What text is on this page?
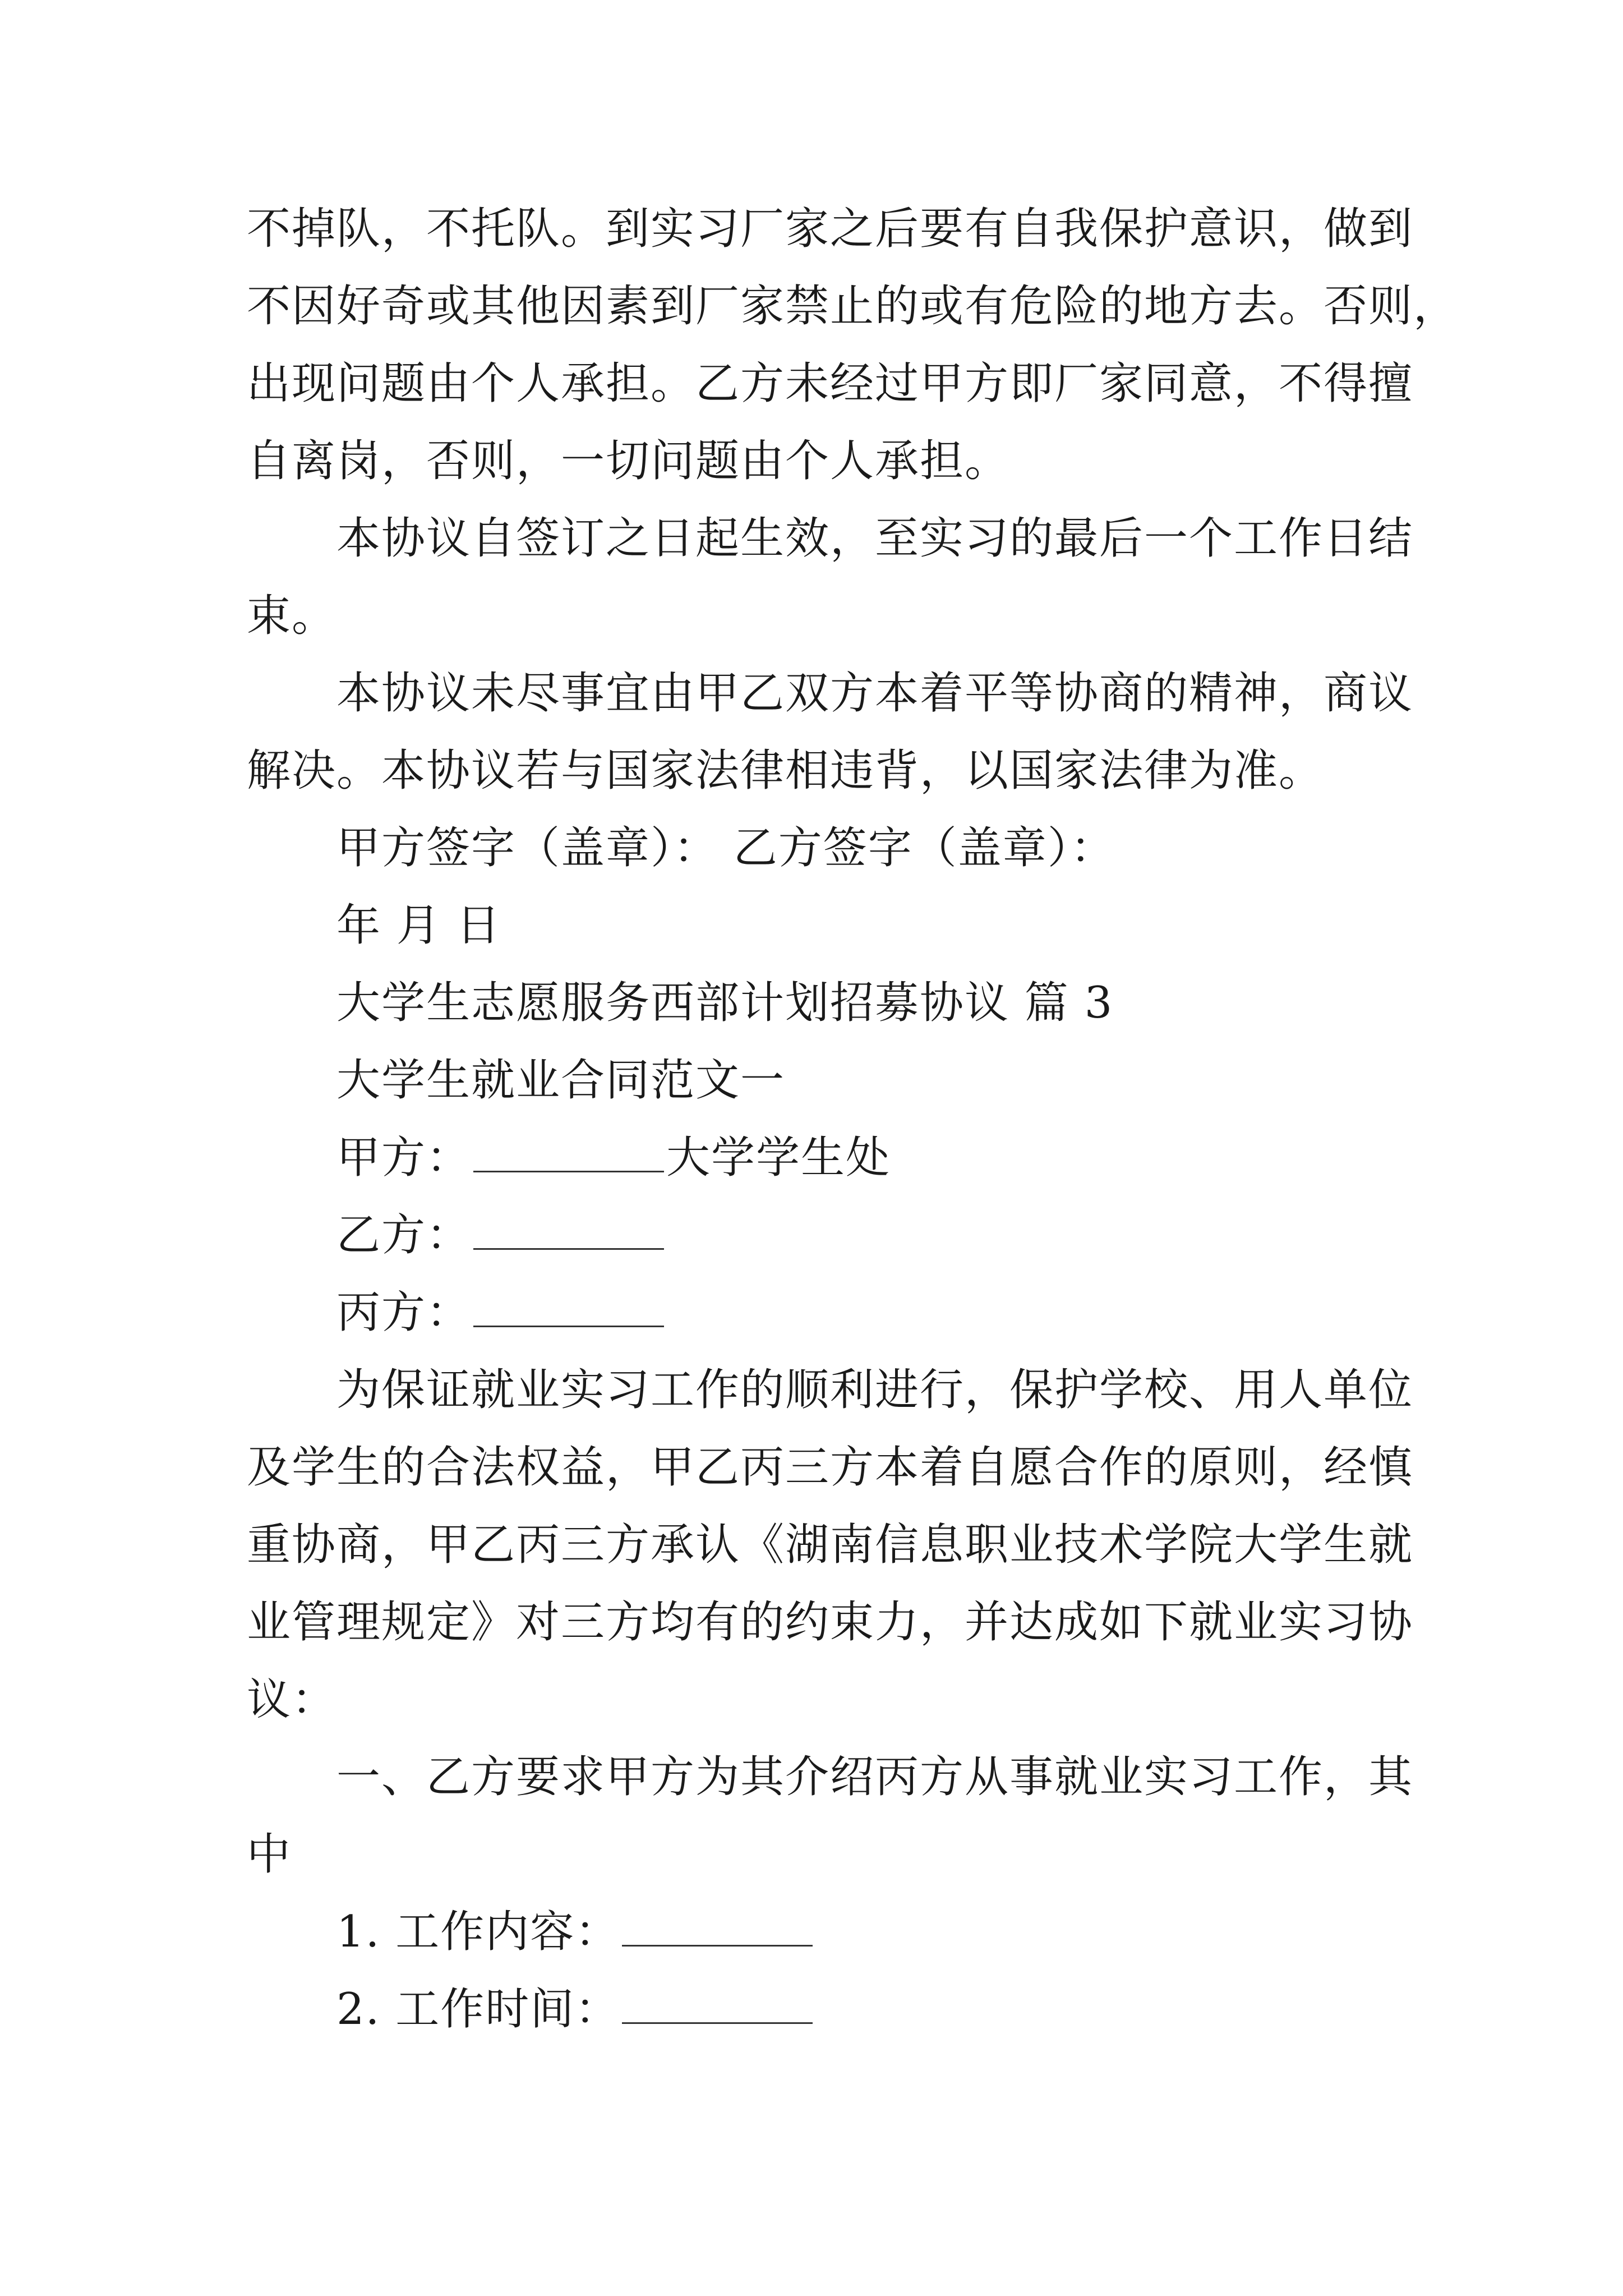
不掉队，不托队。到实习厂家之后要有自我保护意识，做到
不因好奇或其他因素到厂家禁止的或有危险的地方去。否则，
出现问题由个人承担。乙方未经过甲方即厂家同意，不得擅
自离岗，否则，一切问题由个人承担。
本协议自签订之日起生效，至实习的最后一个工作日结
束。
本协议未尽事宜由甲乙双方本着平等协商的精神，商议
解决。本协议若与国家法律相违背，以国家法律为准。
甲方签字（盖章）： 乙方签字（盖章）：
年 月 日
大学生志愿服务西部计划招募协议 篇 3
大学生就业合同范文一
甲方：	大学学生处
乙方：
丙方：
为保证就业实习工作的顺利进行，保护学校、用人单位
及学生的合法权益，甲乙丙三方本着自愿合作的原则，经慎
重协商，甲乙丙三方承认《湖南信息职业技术学院大学生就
业管理规定》对三方均有的约束力，并达成如下就业实习协
议：
一、乙方要求甲方为其介绍丙方从事就业实习工作，其
中
1. 工作内容：
2. 工作时间：
